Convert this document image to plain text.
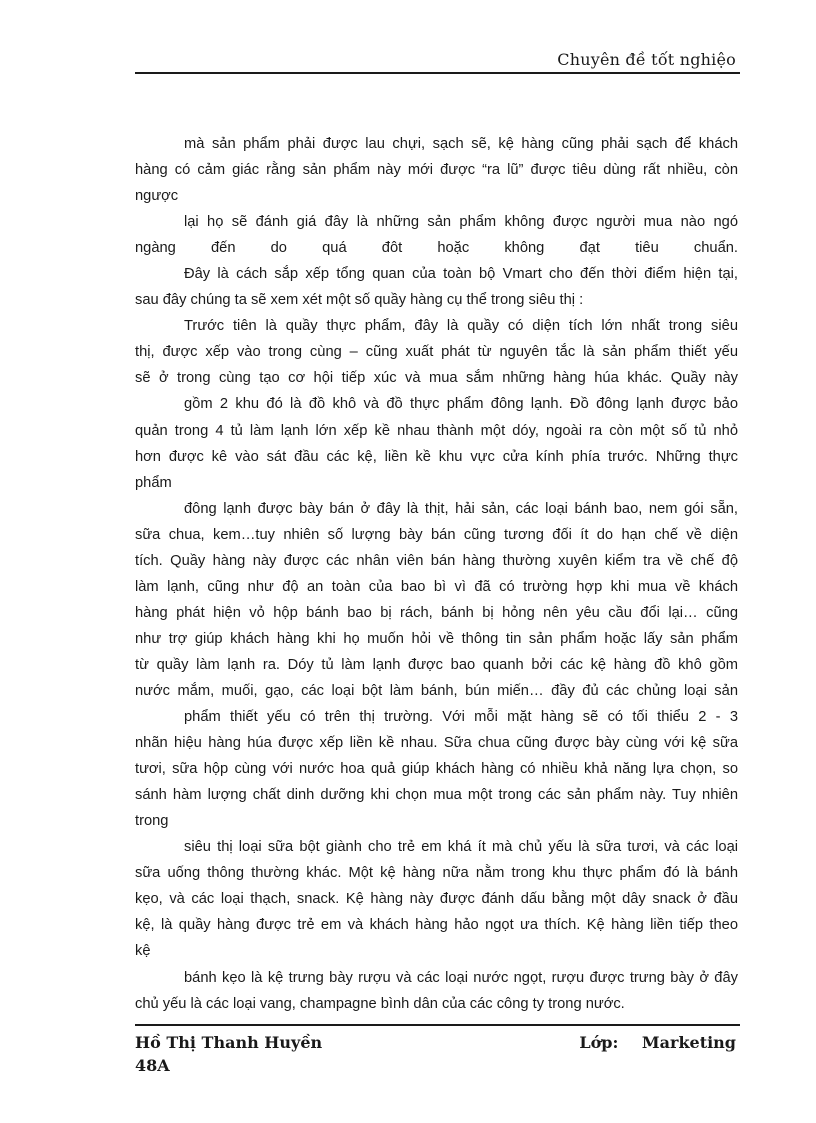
Chuyên đề tốt nghiệo
mà sản phẩm phải được lau chựi, sạch sẽ, kệ hàng cũng phải sạch để khách
hàng có cảm giác rằng sản phẩm này mới được “ra lũ” được tiêu dùng rất nhiều, còn
ngược
lại họ sẽ đánh giá đây là những sản phẩm không được người mua nào ngó
ngàng đến do quá đôt hoặc không đạt tiêu chuẩn.
Đây là cách sắp xếp tổng quan của toàn bộ Vmart cho đến thời điểm hiện tại,
sau đây chúng ta sẽ xem xét một số quầy hàng cụ thể trong siêu thị :
Trước tiên là quầy thực phẩm, đây là quầy có diện tích lớn nhất trong siêu
thị, được xếp vào trong cùng – cũng xuất phát từ nguyên tắc là sản phẩm thiết yếu
sẽ ở trong cùng tạo cơ hội tiếp xúc và mua sắm những hàng húa khác. Quầy này
gồm 2 khu đó là đồ khô và đồ thực phẩm đông lạnh. Đồ đông lạnh được bảo
quản trong 4 tủ làm lạnh lớn xếp kề nhau thành một dóy, ngoài ra còn một số tủ nhỏ
hơn được kê vào sát đầu các kệ, liền kề khu vực cửa kính phía trước. Những thực
phẩm
đông lạnh được bày bán ở đây là thịt, hải sản, các loại bánh bao, nem gói sẵn,
sữa chua, kem…tuy nhiên số lượng bày bán cũng tương đối ít do hạn chế về diện
tích. Quầy hàng này được các nhân viên bán hàng thường xuyên kiểm tra về chế độ
làm lạnh, cũng như độ an toàn của bao bì vì đã có trường hợp khi mua về khách
hàng phát hiện vỏ hộp bánh bao bị rách, bánh bị hỏng nên yêu cầu đổi lại… cũng
như trợ giúp khách hàng khi họ muốn hỏi về thông tin sản phẩm hoặc lấy sản phẩm
từ quầy làm lạnh ra. Dóy tủ làm lạnh được bao quanh bởi các kệ hàng đồ khô gồm
nước mắm, muối, gạo, các loại bột làm bánh, bún miến… đầy đủ các chủng loại sản
phẩm thiết yếu có trên thị trường. Với mỗi mặt hàng sẽ có tối thiểu 2 - 3
nhãn hiệu hàng húa được xếp liền kề nhau. Sữa chua cũng được bày cùng với kệ sữa
tươi, sữa hộp cùng với nước hoa quả giúp khách hàng có nhiều khả năng lựa chọn, so
sánh hàm lượng chất dinh dưỡng khi chọn mua một trong các sản phẩm này. Tuy nhiên
trong
siêu thị loại sữa bột giành cho trẻ em khá ít mà chủ yếu là sữa tươi, và các loại
sữa uống thông thường khác. Một kệ hàng nữa nằm trong khu thực phẩm đó là bánh
kẹo, và các loại thạch, snack. Kệ hàng này được đánh dấu bằng một dây snack ở đầu
kệ, là quầy hàng được trẻ em và khách hàng hảo ngọt ưa thích. Kệ hàng liền tiếp theo
kệ
bánh kẹo là kệ trưng bày rượu và các loại nước ngọt, rượu được trưng bày ở đây
chủ yếu là các loại vang, champagne bình dân của các công ty trong nước.
Hồ Thị Thanh Huyền	Lớp: Marketing
48A
